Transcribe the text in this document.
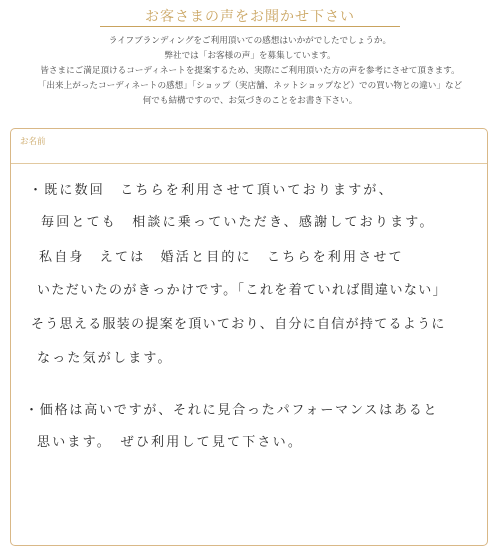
お客さまの声をお聞かせ下さい
ライフブランディングをご利用頂いての感想はいかがでしたでしょうか。
弊社では「お客様の声」を募集しています。
皆さまにご満足頂けるコーディネートを提案するため、実際にご利用頂いた方の声を参考にさせて頂きます。
「出来上がったコーディネートの感想」「ショップ（実店舗、ネットショップなど）での買い物との違い」など
何でも結構ですので、お気づきのことをお書き下さい。
お名前
・既に数回　こちらを利用させて頂いておりますが、
毎回とても　相談に乗っていただき、感謝しております。
私自身　えては　婚活と目的に　こちらを利用させて
いただいたのがきっかけです。「これを着ていれば間違いない」
そう思える服装の提案を頂いており、自分に自信が持てるように
なった気がします。
・価格は高いですが、それに見合ったパフォーマンスはあると
思います。　ぜひ利用して見て下さい。
